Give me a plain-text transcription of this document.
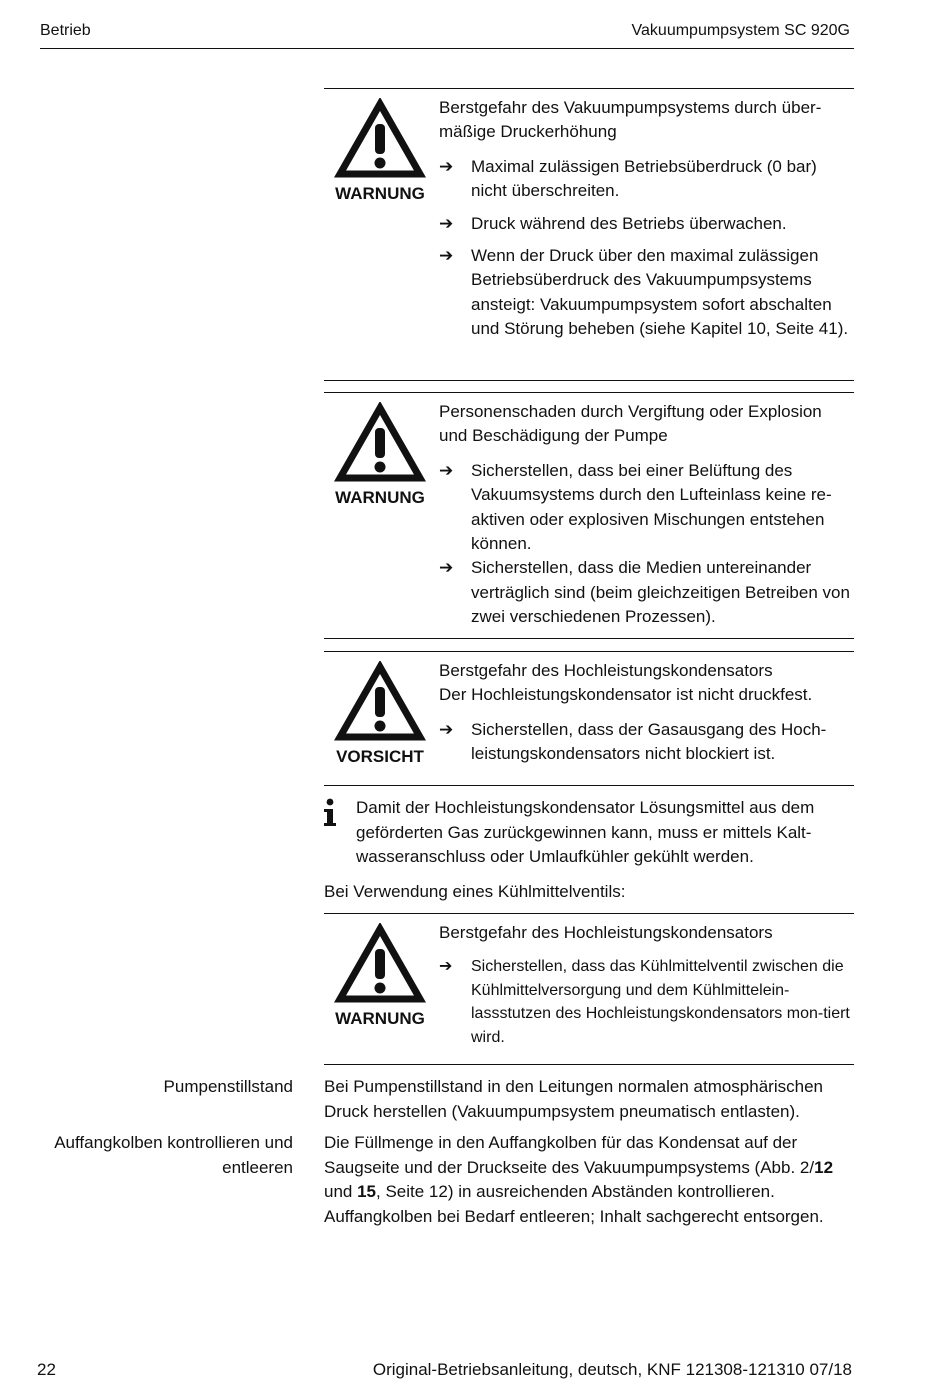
Betrieb	Vakuumpumpsystem SC 920G
WARNUNG

Berstgefahr des Vakuumpumpsystems durch über-

mäßige Druckerhöhung

➔ Maximal zulässigen Betriebsüberdruck (0 bar) nicht überschreiten.
➔ Druck während des Betriebs überwachen.
➔ Wenn der Druck über den maximal zulässigen Betriebsüberdruck des Vakuumpumpsystems ansteigt: Vakuumpumpsystem sofort abschalten und Störung beheben (siehe Kapitel 10, Seite 41).
WARNUNG

Personenschaden durch Vergiftung oder Explosion

und Beschädigung der Pumpe

➔ Sicherstellen, dass bei einer Belüftung des Vakuumsystems durch den Lufteinlass keine re-aktiven oder explosiven Mischungen entstehen können.
➔ Sicherstellen, dass die Medien untereinander verträglich sind (beim gleichzeitigen Betreiben von zwei verschiedenen Prozessen).
VORSICHT

Berstgefahr des Hochleistungskondensators

Der Hochleistungskondensator ist nicht druckfest.

➔ Sicherstellen, dass der Gasausgang des Hoch-leistungskondensators nicht blockiert ist.
Damit der Hochleistungskondensator Lösungsmittel aus dem geförderten Gas zurückgewinnen kann, muss er mittels Kalt-wasseranschluss oder Umlaufkühler gekühlt werden.
Bei Verwendung eines Kühlmittelventils:
WARNUNG

Berstgefahr des Hochleistungskondensators

➔ Sicherstellen, dass das Kühlmittelventil zwischen die Kühlmittelversorgung und dem Kühlmittelein-lassstutzen des Hochleistungskondensators mon-tiert wird.
Pumpenstillstand Bei Pumpenstillstand in den Leitungen normalen atmosphärischen Druck herstellen (Vakuumpumpsystem pneumatisch entlasten).
Auffangkolben kontrollieren und
entleeren
Die Füllmenge in den Auffangkolben für das Kondensat auf der Saugseite und der Druckseite des Vakuumpumpsystems (Abb. 2/12 und 15, Seite 12) in ausreichenden Abständen kontrollieren. Auffangkolben bei Bedarf entleeren; Inhalt sachgerecht entsorgen.
22	Original-Betriebsanleitung, deutsch, KNF 121308-121310 07/18
